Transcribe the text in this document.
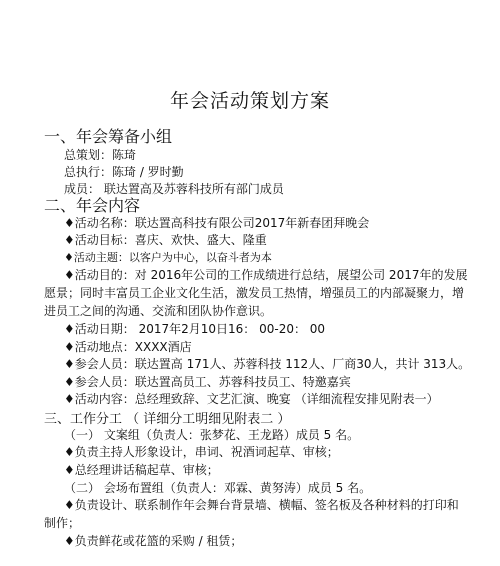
年会活动策划方案
一、年会筹备小组
总策划：陈琦
总执行：陈琦 / 罗时勤
成员： 联达置高及苏蓉科技所有部门成员
二、年会内容
♦活动名称：联达置高科技有限公司2017年新春团拜晚会
♦活动目标：喜庆、欢快、盛大、隆重
♦活动主题：以客户为中心，以奋斗者为本
♦活动目的：对 2016年公司的工作成绩进行总结，展望公司 2017年的发展
愿景；同时丰富员工企业文化生活，激发员工热情，增强员工的内部凝聚力，增
进员工之间的沟通、交流和团队协作意识。
♦活动日期： 2017年2月10日16： 00-20： 00
♦活动地点：XXXX酒店
♦参会人员：联达置高 171人、苏蓉科技 112人、厂商30人，共计 313人。
♦参会人员：联达置高员工、苏蓉科技员工、特邀嘉宾
♦活动内容：总经理致辞、文艺汇演、晚宴 （详细流程安排见附表一）
三、工作分工 （ 详细分工明细见附表二 ）
（一） 文案组（负责人：张梦花、王龙路）成员 5 名。
♦负责主持人形象设计，串词、祝酒词起草、审核；
♦总经理讲话稿起草、审核；
（二） 会场布置组（负责人：邓霖、黄努涛）成员 5 名。
♦负责设计、联系制作年会舞台背景墙、横幅、签名板及各种材料的打印和
制作；
♦负责鲜花或花篮的采购 / 租赁；
